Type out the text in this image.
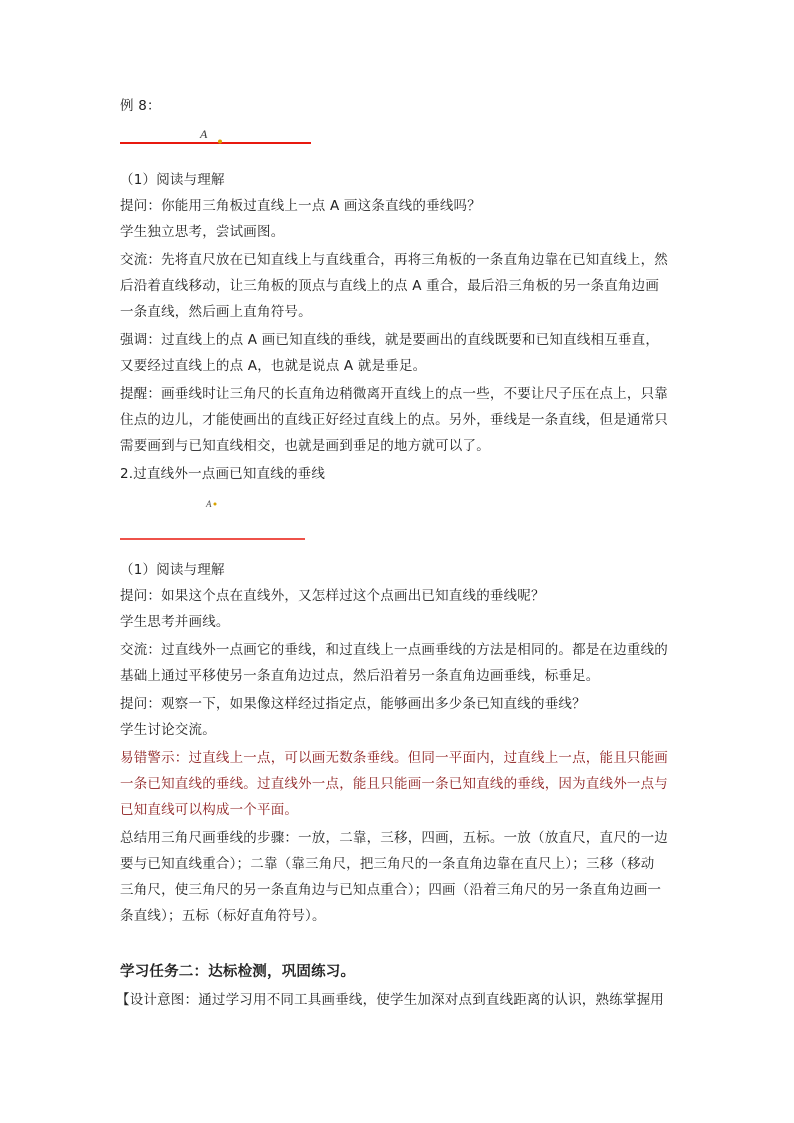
例 8：
A
（1）阅读与理解
提问：你能用三角板过直线上一点 A 画这条直线的垂线吗？
学生独立思考，尝试画图。
交流：先将直尺放在已知直线上与直线重合，再将三角板的一条直角边靠在已知直线上，然
后沿着直线移动，让三角板的顶点与直线上的点 A 重合，最后沿三角板的另一条直角边画
一条直线，然后画上直角符号。
强调：过直线上的点 A 画已知直线的垂线，就是要画出的直线既要和已知直线相互垂直，
又要经过直线上的点 A，也就是说点 A 就是垂足。
提醒：画垂线时让三角尺的长直角边稍微离开直线上的点一些，不要让尺子压在点上，只靠
住点的边儿，才能使画出的直线正好经过直线上的点。另外，垂线是一条直线，但是通常只
需要画到与已知直线相交，也就是画到垂足的地方就可以了。
2.过直线外一点画已知直线的垂线
A
（1）阅读与理解
提问：如果这个点在直线外，又怎样过这个点画出已知直线的垂线呢？
学生思考并画线。
交流：过直线外一点画它的垂线，和过直线上一点画垂线的方法是相同的。都是在边重线的
基础上通过平移使另一条直角边过点，然后沿着另一条直角边画垂线，标垂足。
提问：观察一下，如果像这样经过指定点，能够画出多少条已知直线的垂线？
学生讨论交流。
易错警示：过直线上一点，可以画无数条垂线。但同一平面内，过直线上一点，能且只能画
一条已知直线的垂线。过直线外一点，能且只能画一条已知直线的垂线，因为直线外一点与
已知直线可以构成一个平面。
总结用三角尺画垂线的步骤：一放，二靠，三移，四画，五标。一放（放直尺，直尺的一边
要与已知直线重合）；二靠（靠三角尺，把三角尺的一条直角边靠在直尺上）；三移（移动
三角尺，使三角尺的另一条直角边与已知点重合）；四画（沿着三角尺的另一条直角边画一
条直线）；五标（标好直角符号）。
学习任务二：达标检测，巩固练习。
【设计意图：通过学习用不同工具画垂线，使学生加深对点到直线距离的认识，熟练掌握用
